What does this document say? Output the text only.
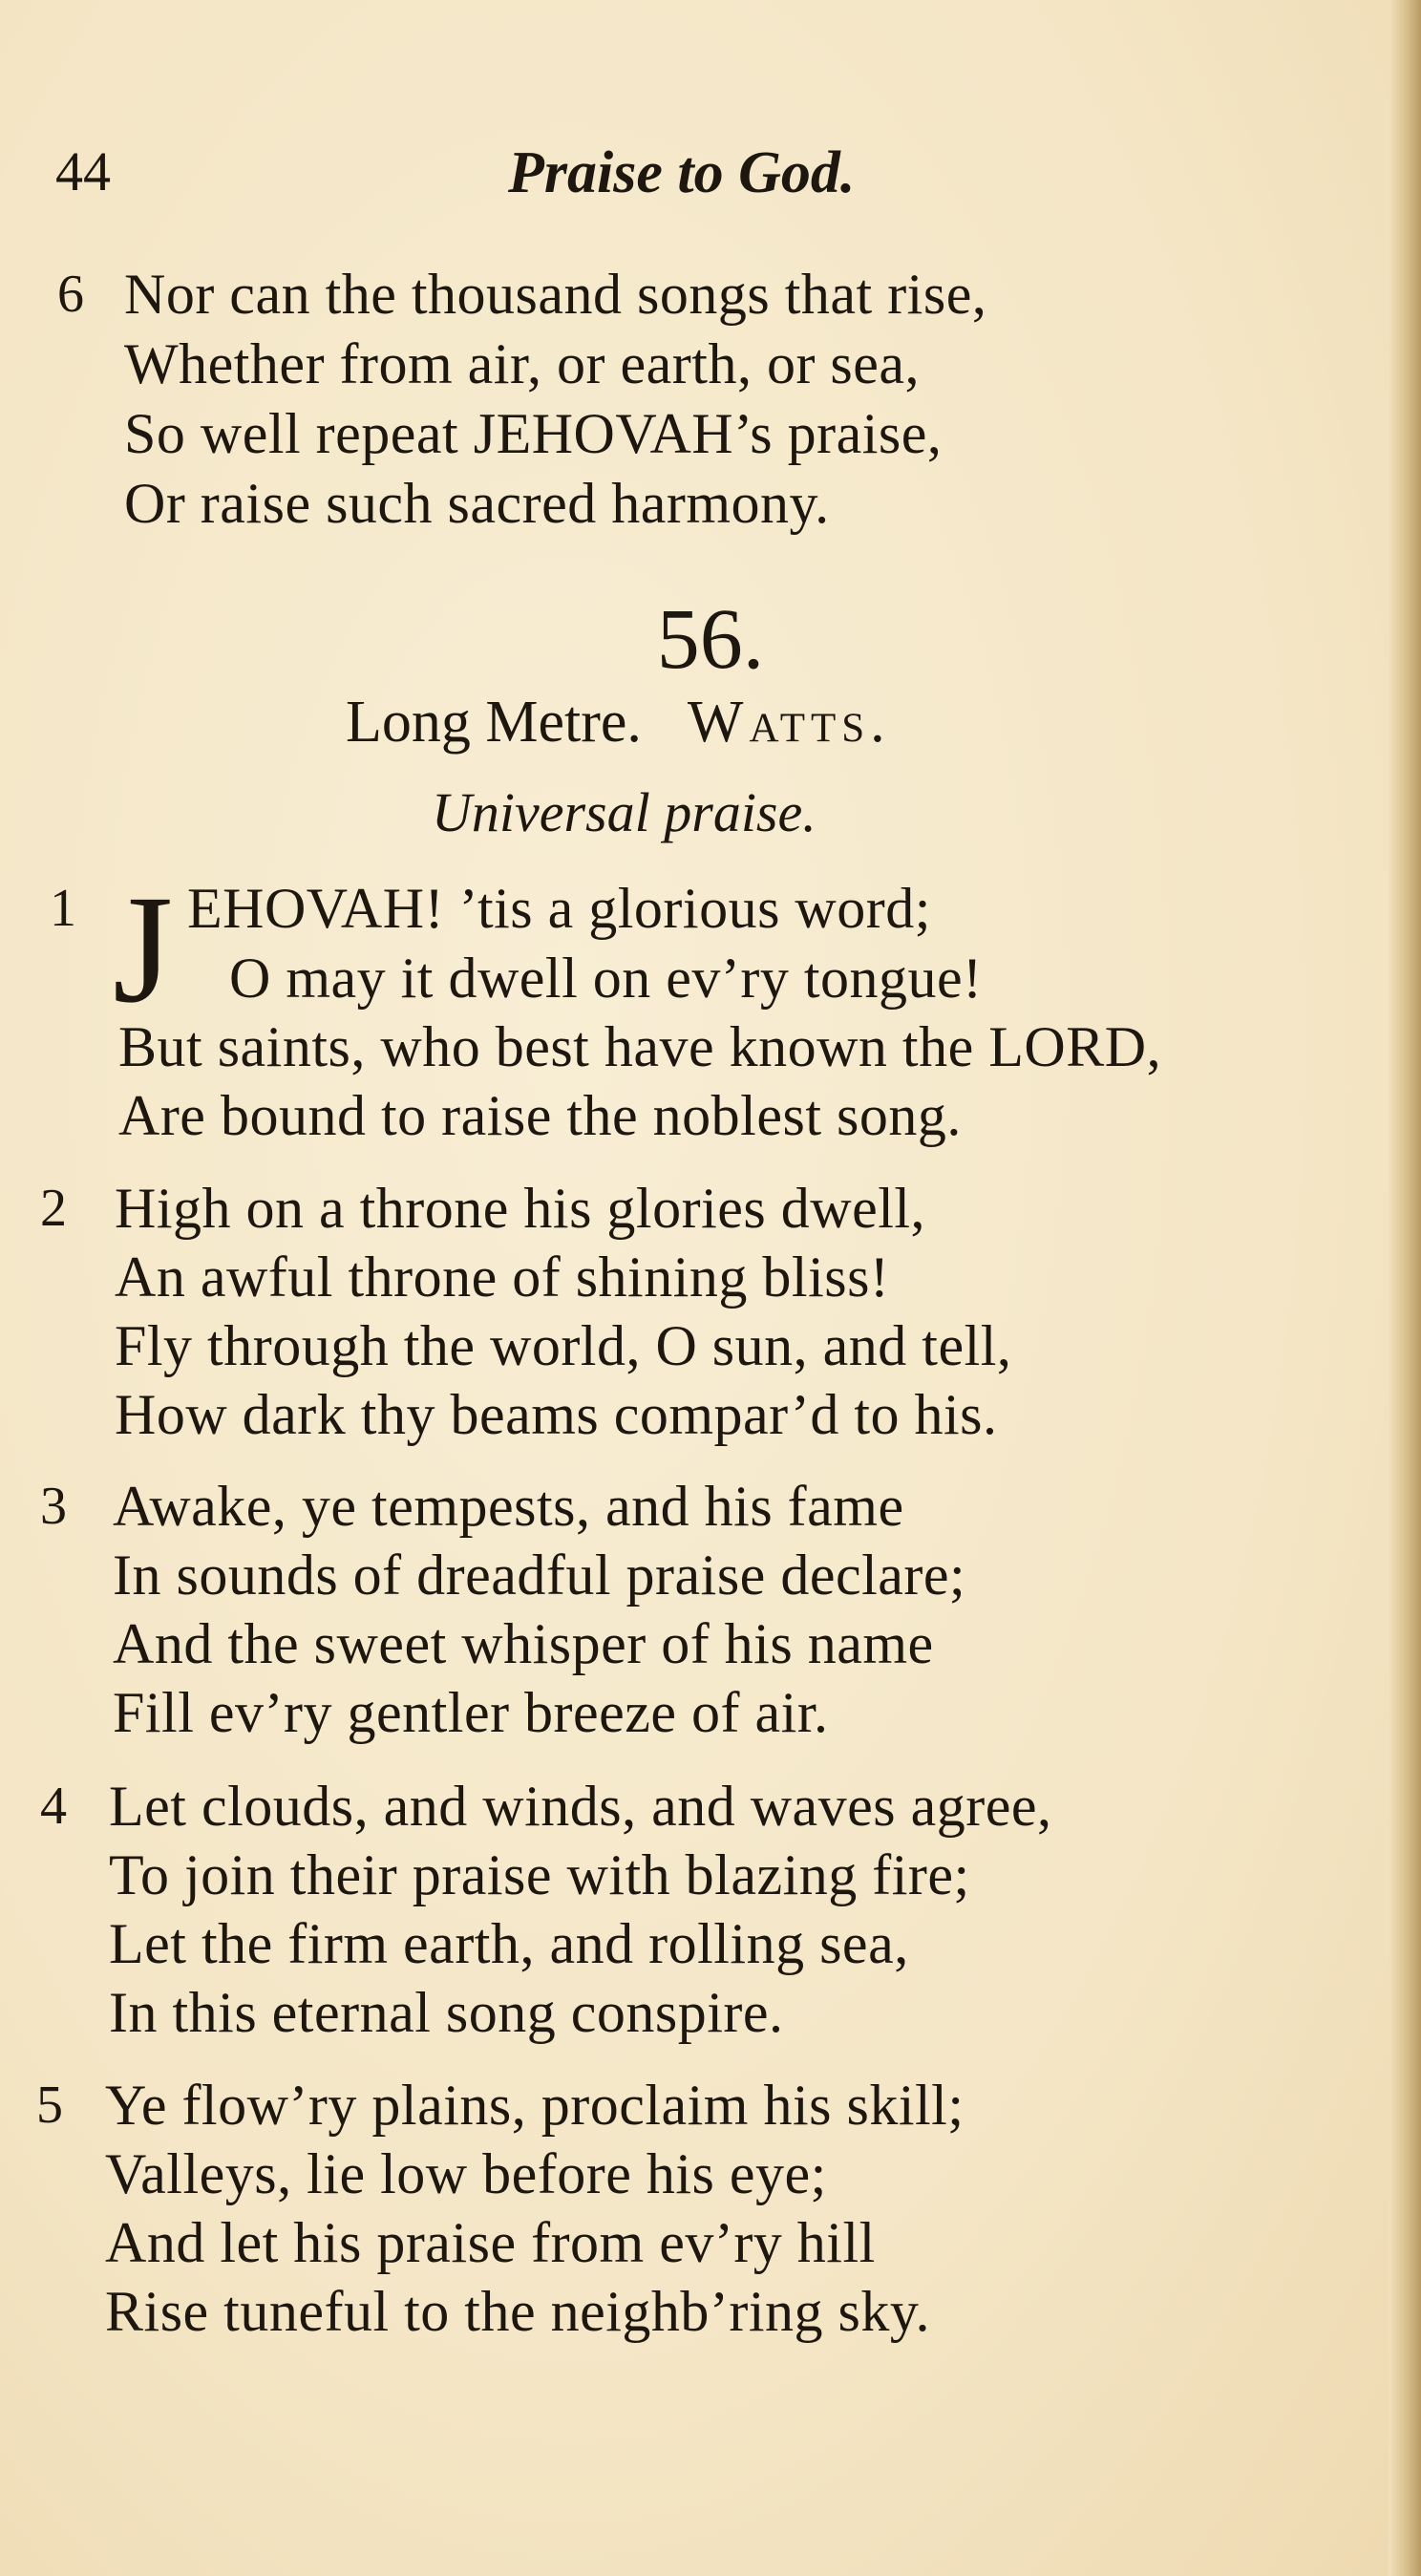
44	Praise to God.
6 Nor can the thousand songs that rise,
Whether from air, or earth, or sea,
So well repeat JEHOVAH’s praise,
Or raise such sacred harmony.
56.
Long Metre. Watts.
Universal praise.
1 J EHOVAH! ’tis a glorious word;
O may it dwell on ev’ry tongue!
But saints, who best have known the LORD,
Are bound to raise the noblest song.
2 High on a throne his glories dwell,
An awful throne of shining bliss!
Fly through the world, O sun, and tell,
How dark thy beams compar’d to his.
3 Awake, ye tempests, and his fame
In sounds of dreadful praise declare;
And the sweet whisper of his name
Fill ev’ry gentler breeze of air.
4 Let clouds, and winds, and waves agree,
To join their praise with blazing fire;
Let the firm earth, and rolling sea,
In this eternal song conspire.
5 Ye flow’ry plains, proclaim his skill;
Valleys, lie low before his eye;
And let his praise from ev’ry hill
Rise tuneful to the neighb’ring sky.
